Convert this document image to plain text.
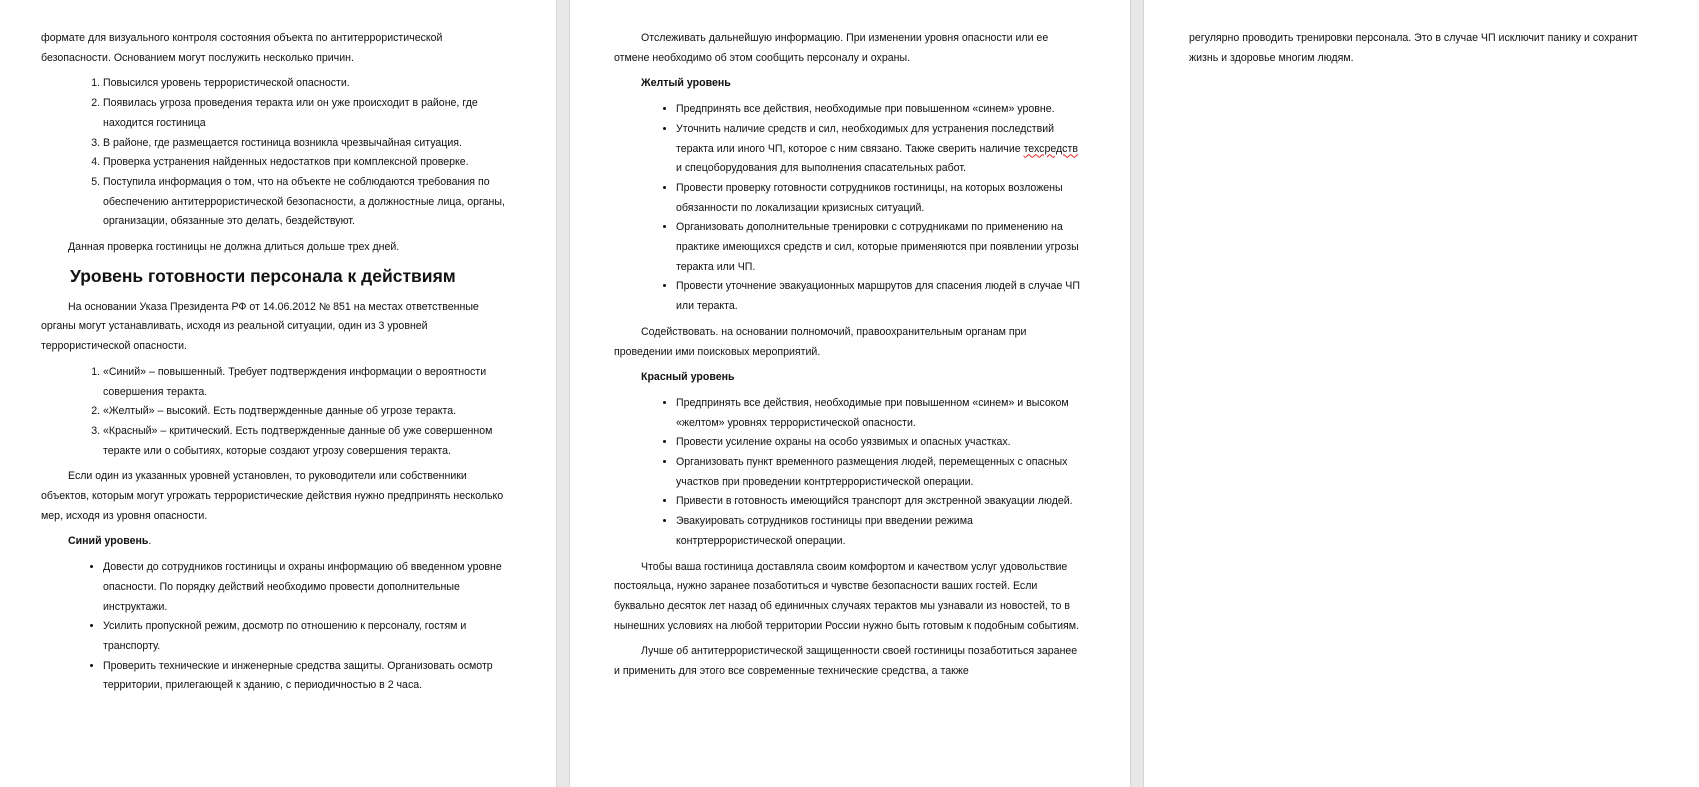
формате для визуального контроля состояния объекта по антитеррористической безопасности. Основанием могут послужить несколько причин.

1. Повысился уровень террористической опасности.
2. Появилась угроза проведения теракта или он уже происходит в районе, где находится гостиница
3. В районе, где размещается гостиница возникла чрезвычайная ситуация.
4. Проверка устранения найденных недостатков при комплексной проверке.
5. Поступила информация о том, что на объекте не соблюдаются требования по обеспечению антитеррористической безопасности, а должностные лица, органы, организации, обязанные это делать, бездействуют.

Данная проверка гостиницы не должна длиться дольше трех дней.

Уровень готовности персонала к действиям

На основании Указа Президента РФ от 14.06.2012 № 851 на местах ответственные органы могут устанавливать, исходя из реальной ситуации, один из 3 уровней террористической опасности.

1. «Синий» – повышенный. Требует подтверждения информации о вероятности совершения теракта.
2. «Желтый» – высокий. Есть подтвержденные данные об угрозе теракта.
3. «Красный» – критический. Есть подтвержденные данные об уже совершенном теракте или о событиях, которые создают угрозу совершения теракта.

Если один из указанных уровней установлен, то руководители или собственники объектов, которым могут угрожать террористические действия нужно предпринять несколько мер, исходя из уровня опасности.

Синий уровень.
• Довести до сотрудников гостиницы и охраны информацию об введенном уровне опасности. По порядку действий необходимо провести дополнительные инструктажи.
• Усилить пропускной режим, досмотр по отношению к персоналу, гостям и транспорту.
• Проверить технические и инженерные средства защиты. Организовать осмотр территории, прилегающей к зданию, с периодичностью в 2 часа.

Отслеживать дальнейшую информацию. При изменении уровня опасности или ее отмене необходимо об этом сообщить персоналу и охраны.

Желтый уровень
• Предпринять все действия, необходимые при повышенном «синем» уровне.
• Уточнить наличие средств и сил, необходимых для устранения последствий теракта или иного ЧП, которое с ним связано. Также сверить наличие техсредств и спецоборудования для выполнения спасательных работ.
• Провести проверку готовности сотрудников гостиницы, на которых возложены обязанности по локализации кризисных ситуаций.
• Организовать дополнительные тренировки с сотрудниками по применению на практике имеющихся средств и сил, которые применяются при появлении угрозы теракта или ЧП.
• Провести уточнение эвакуационных маршрутов для спасения людей в случае ЧП или теракта.

Содействовать. на основании полномочий, правоохранительным органам при проведении ими поисковых мероприятий.

Красный уровень
• Предпринять все действия, необходимые при повышенном «синем» и высоком «желтом» уровнях террористической опасности.
• Провести усиление охраны на особо уязвимых и опасных участках.
• Организовать пункт временного размещения людей, перемещенных с опасных участков при проведении контртеррористической операции.
• Привести в готовность имеющийся транспорт для экстренной эвакуации людей.
• Эвакуировать сотрудников гостиницы при введении режима контртеррористической операции.

Чтобы ваша гостиница доставляла своим комфортом и качеством услуг удовольствие постояльца, нужно заранее позаботиться и чувстве безопасности ваших гостей. Если буквально десяток лет назад об единичных случаях терактов мы узнавали из новостей, то в нынешних условиях на любой территории России нужно быть готовым к подобным событиям.

Лучше об антитеррористической защищенности своей гостиницы позаботиться заранее и применить для этого все современные технические средства, а также

регулярно проводить тренировки персонала. Это в случае ЧП исключит панику и сохранит жизнь и здоровье многим людям.
